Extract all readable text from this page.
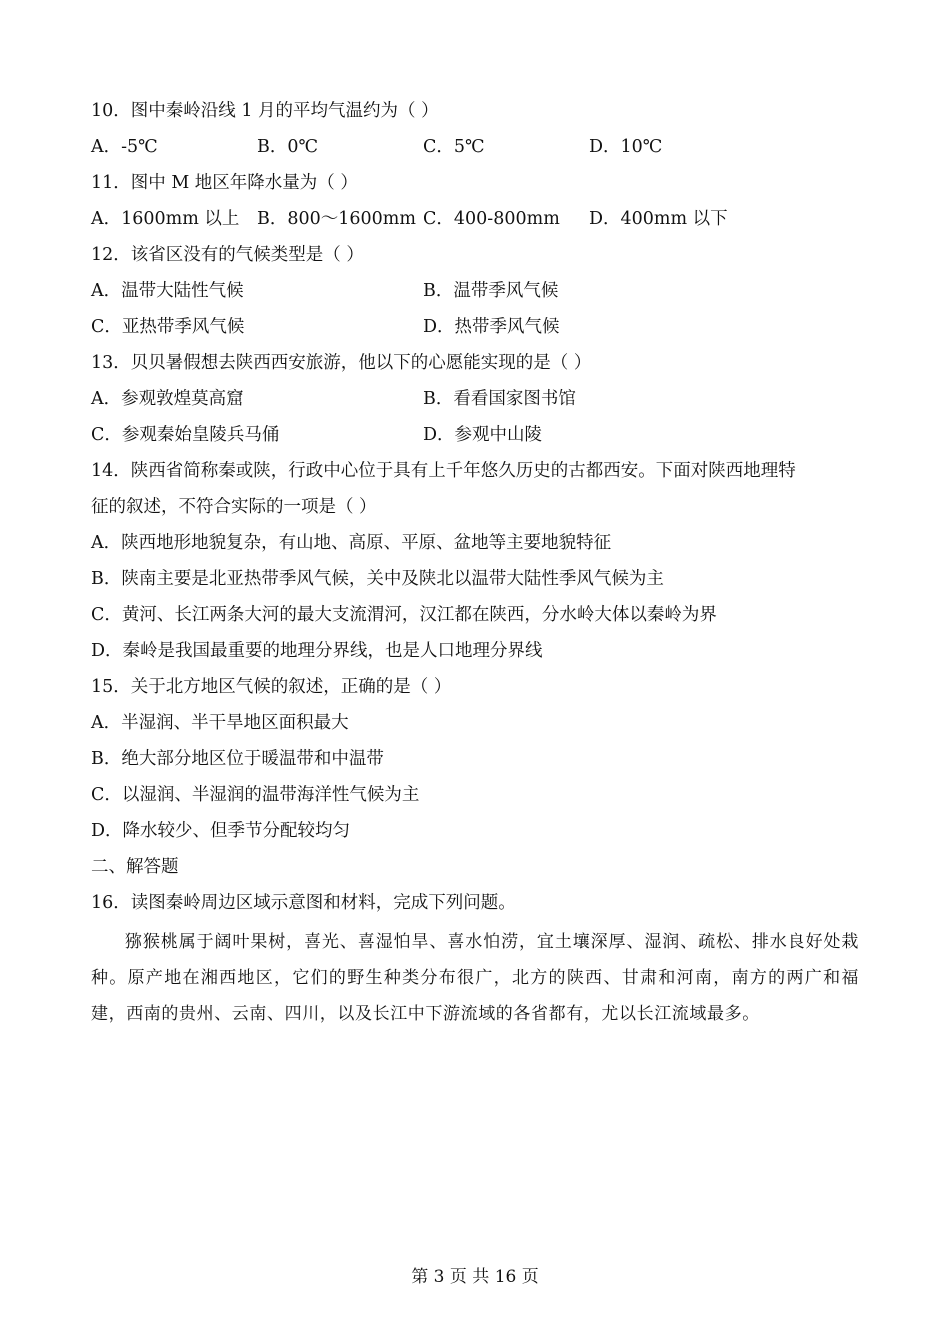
10．图中秦岭沿线 1 月的平均气温约为（ ）
A．-5℃	B．0℃	C．5℃	D．10℃
11．图中 M 地区年降水量为（ ）
A．1600mm 以上 B．800～1600mm C．400-800mm D．400mm 以下
12．该省区没有的气候类型是（ ）
A．温带大陆性气候	B．温带季风气候
C．亚热带季风气候	D．热带季风气候
13．贝贝暑假想去陕西西安旅游，他以下的心愿能实现的是（ ）
A．参观敦煌莫高窟	B．看看国家图书馆
C．参观秦始皇陵兵马俑	D．参观中山陵
14．陕西省简称秦或陕，行政中心位于具有上千年悠久历史的古都西安。下面对陕西地理特
征的叙述，不符合实际的一项是（ ）
A．陕西地形地貌复杂，有山地、高原、平原、盆地等主要地貌特征
B．陕南主要是北亚热带季风气候，关中及陕北以温带大陆性季风气候为主
C．黄河、长江两条大河的最大支流渭河，汉江都在陕西，分水岭大体以秦岭为界
D．秦岭是我国最重要的地理分界线，也是人口地理分界线
15．关于北方地区气候的叙述，正确的是（ ）
A．半湿润、半干旱地区面积最大
B．绝大部分地区位于暖温带和中温带
C．以湿润、半湿润的温带海洋性气候为主
D．降水较少、但季节分配较均匀
二、解答题
16．读图秦岭周边区域示意图和材料，完成下列问题。
猕猴桃属于阔叶果树，喜光、喜湿怕旱、喜水怕涝，宜土壤深厚、湿润、疏松、排水良好处栽种。原产地在湘西地区，它们的野生种类分布很广，北方的陕西、甘肃和河南，南方的两广和福建，西南的贵州、云南、四川，以及长江中下游流域的各省都有，尤以长江流域最多。
第 3 页 共 16 页
